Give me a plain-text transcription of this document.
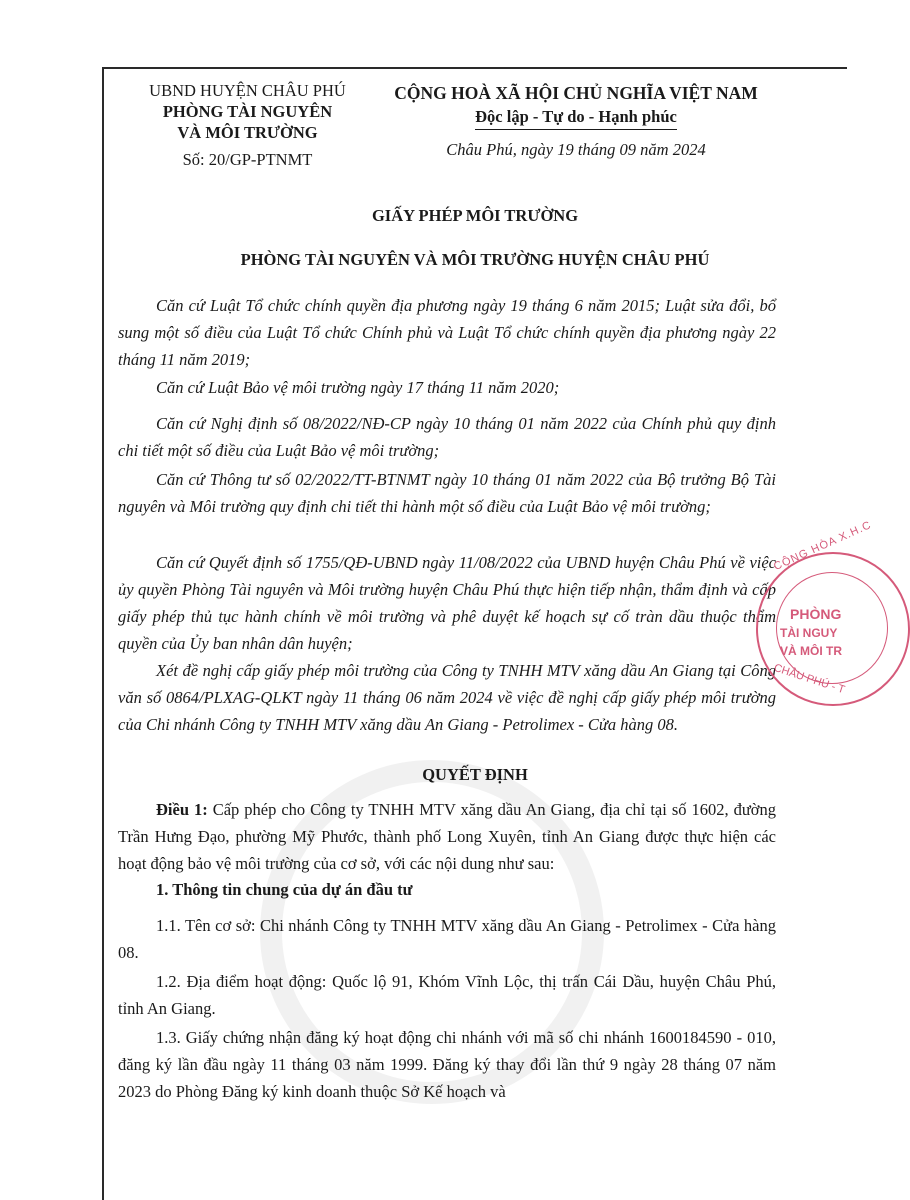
UBND HUYỆN CHÂU PHÚ
PHÒNG TÀI NGUYÊN
VÀ MÔI TRƯỜNG
Số: 20/GP-PTNMT
CỘNG HOÀ XÃ HỘI CHỦ NGHĨA VIỆT NAM
Độc lập - Tự do - Hạnh phúc
Châu Phú, ngày 19 tháng 09 năm 2024
GIẤY PHÉP MÔI TRƯỜNG
PHÒNG TÀI NGUYÊN VÀ MÔI TRƯỜNG HUYỆN CHÂU PHÚ
Căn cứ Luật Tổ chức chính quyền địa phương ngày 19 tháng 6 năm 2015; Luật sửa đổi, bổ sung một số điều của Luật Tổ chức Chính phủ và Luật Tổ chức chính quyền địa phương ngày 22 tháng 11 năm 2019;
Căn cứ Luật Bảo vệ môi trường ngày 17 tháng 11 năm 2020;
Căn cứ Nghị định số 08/2022/NĐ-CP ngày 10 tháng 01 năm 2022 của Chính phủ quy định chi tiết một số điều của Luật Bảo vệ môi trường;
Căn cứ Thông tư số 02/2022/TT-BTNMT ngày 10 tháng 01 năm 2022 của Bộ trưởng Bộ Tài nguyên và Môi trường quy định chi tiết thi hành một số điều của Luật Bảo vệ môi trường;
Căn cứ Quyết định số 1755/QĐ-UBND ngày 11/08/2022 của UBND huyện Châu Phú về việc ủy quyền Phòng Tài nguyên và Môi trường huyện Châu Phú thực hiện tiếp nhận, thẩm định và cấp giấy phép thủ tục hành chính về môi trường và phê duyệt kế hoạch sự cố tràn dầu thuộc thẩm quyền của Ủy ban nhân dân huyện;
Xét đề nghị cấp giấy phép môi trường của Công ty TNHH MTV xăng dầu An Giang tại Công văn số 0864/PLXAG-QLKT ngày 11 tháng 06 năm 2024 về việc đề nghị cấp giấy phép môi trường của Chi nhánh Công ty TNHH MTV xăng dầu An Giang - Petrolimex - Cửa hàng 08.
QUYẾT ĐỊNH
Điều 1: Cấp phép cho Công ty TNHH MTV xăng dầu An Giang, địa chỉ tại số 1602, đường Trần Hưng Đạo, phường Mỹ Phước, thành phố Long Xuyên, tỉnh An Giang được thực hiện các hoạt động bảo vệ môi trường của cơ sở, với các nội dung như sau:
1. Thông tin chung của dự án đầu tư
1.1. Tên cơ sở: Chi nhánh Công ty TNHH MTV xăng dầu An Giang - Petrolimex - Cửa hàng 08.
1.2. Địa điểm hoạt động: Quốc lộ 91, Khóm Vĩnh Lộc, thị trấn Cái Dầu, huyện Châu Phú, tỉnh An Giang.
1.3. Giấy chứng nhận đăng ký hoạt động chi nhánh với mã số chi nhánh 1600184590 - 010, đăng ký lần đầu ngày 11 tháng 03 năm 1999. Đăng ký thay đổi lần thứ 9 ngày 28 tháng 07 năm 2023 do Phòng Đăng ký kinh doanh thuộc Sở Kế hoạch và
CỘNG HÒA X.H.C
PHÒNG
TÀI NGUY
VÀ MÔI TR
CHÂU PHÚ - T
